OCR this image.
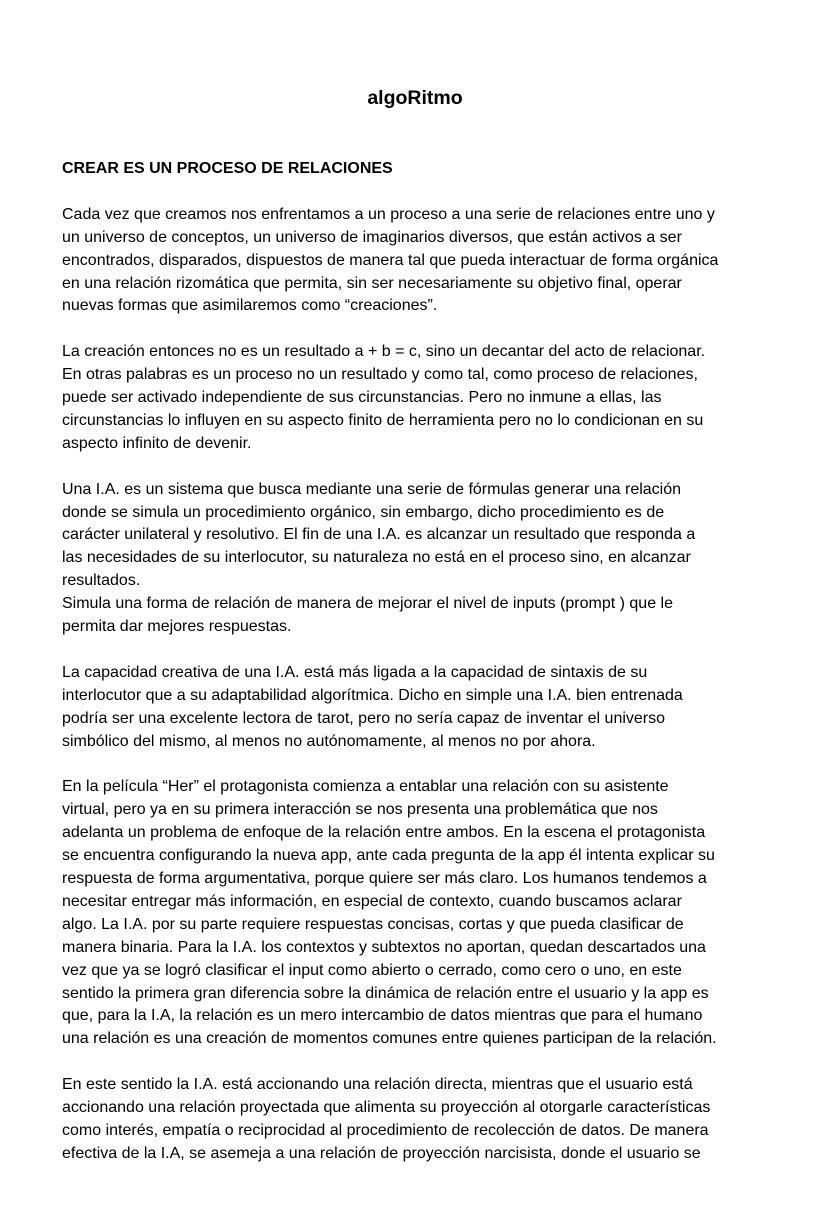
algoRitmo
CREAR ES UN PROCESO DE RELACIONES

Cada vez que creamos nos enfrentamos a un proceso a una serie de relaciones entre uno y
un universo de conceptos, un universo de imaginarios diversos, que están activos a ser
encontrados, disparados, dispuestos de manera tal que pueda interactuar de forma orgánica
en una relación rizomática que permita, sin ser necesariamente su objetivo final, operar
nuevas formas que asimilaremos como “creaciones”.

La creación entonces no es un resultado a + b = c, sino un decantar del acto de relacionar.
En otras palabras es un proceso no un resultado y como tal, como proceso de relaciones,
puede ser activado independiente de sus circunstancias. Pero no inmune a ellas, las
circunstancias lo influyen en su aspecto finito de herramienta pero no lo condicionan en su
aspecto infinito de devenir.

Una I.A. es un sistema que busca mediante una serie de fórmulas generar una relación
donde se simula un procedimiento orgánico, sin embargo, dicho procedimiento es de
carácter unilateral y resolutivo. El fin de una I.A. es alcanzar un resultado que responda a
las necesidades de su interlocutor, su naturaleza no está en el proceso sino, en alcanzar
resultados.
Simula una forma de relación de manera de mejorar el nivel de inputs (prompt ) que le
permita dar mejores respuestas.

La capacidad creativa de una I.A. está más ligada a la capacidad de sintaxis de su
interlocutor que a su adaptabilidad algorítmica. Dicho en simple una I.A. bien entrenada
podría ser una excelente lectora de tarot, pero no sería capaz de inventar el universo
simbólico del mismo, al menos no autónomamente, al menos no por ahora.

En la película “Her” el protagonista comienza a entablar una relación con su asistente
virtual, pero ya en su primera interacción se nos presenta una problemática que nos
adelanta un problema de enfoque de la relación entre ambos. En la escena el protagonista
se encuentra configurando la nueva app, ante cada pregunta de la app él intenta explicar su
respuesta de forma argumentativa, porque quiere ser más claro. Los humanos tendemos a
necesitar entregar más información, en especial de contexto, cuando buscamos aclarar
algo. La I.A. por su parte requiere respuestas concisas, cortas y que pueda clasificar de
manera binaria. Para la I.A. los contextos y subtextos no aportan, quedan descartados una
vez que ya se logró clasificar el input como abierto o cerrado, como cero o uno, en este
sentido la primera gran diferencia sobre la dinámica de relación entre el usuario y la app es
que, para la I.A, la relación es un mero intercambio de datos mientras que para el humano
una relación es una creación de momentos comunes entre quienes participan de la relación.

En este sentido la I.A. está accionando una relación directa, mientras que el usuario está
accionando una relación proyectada que alimenta su proyección al otorgarle características
como interés, empatía o reciprocidad al procedimiento de recolección de datos. De manera
efectiva de la I.A, se asemeja a una relación de proyección narcisista, donde el usuario se
